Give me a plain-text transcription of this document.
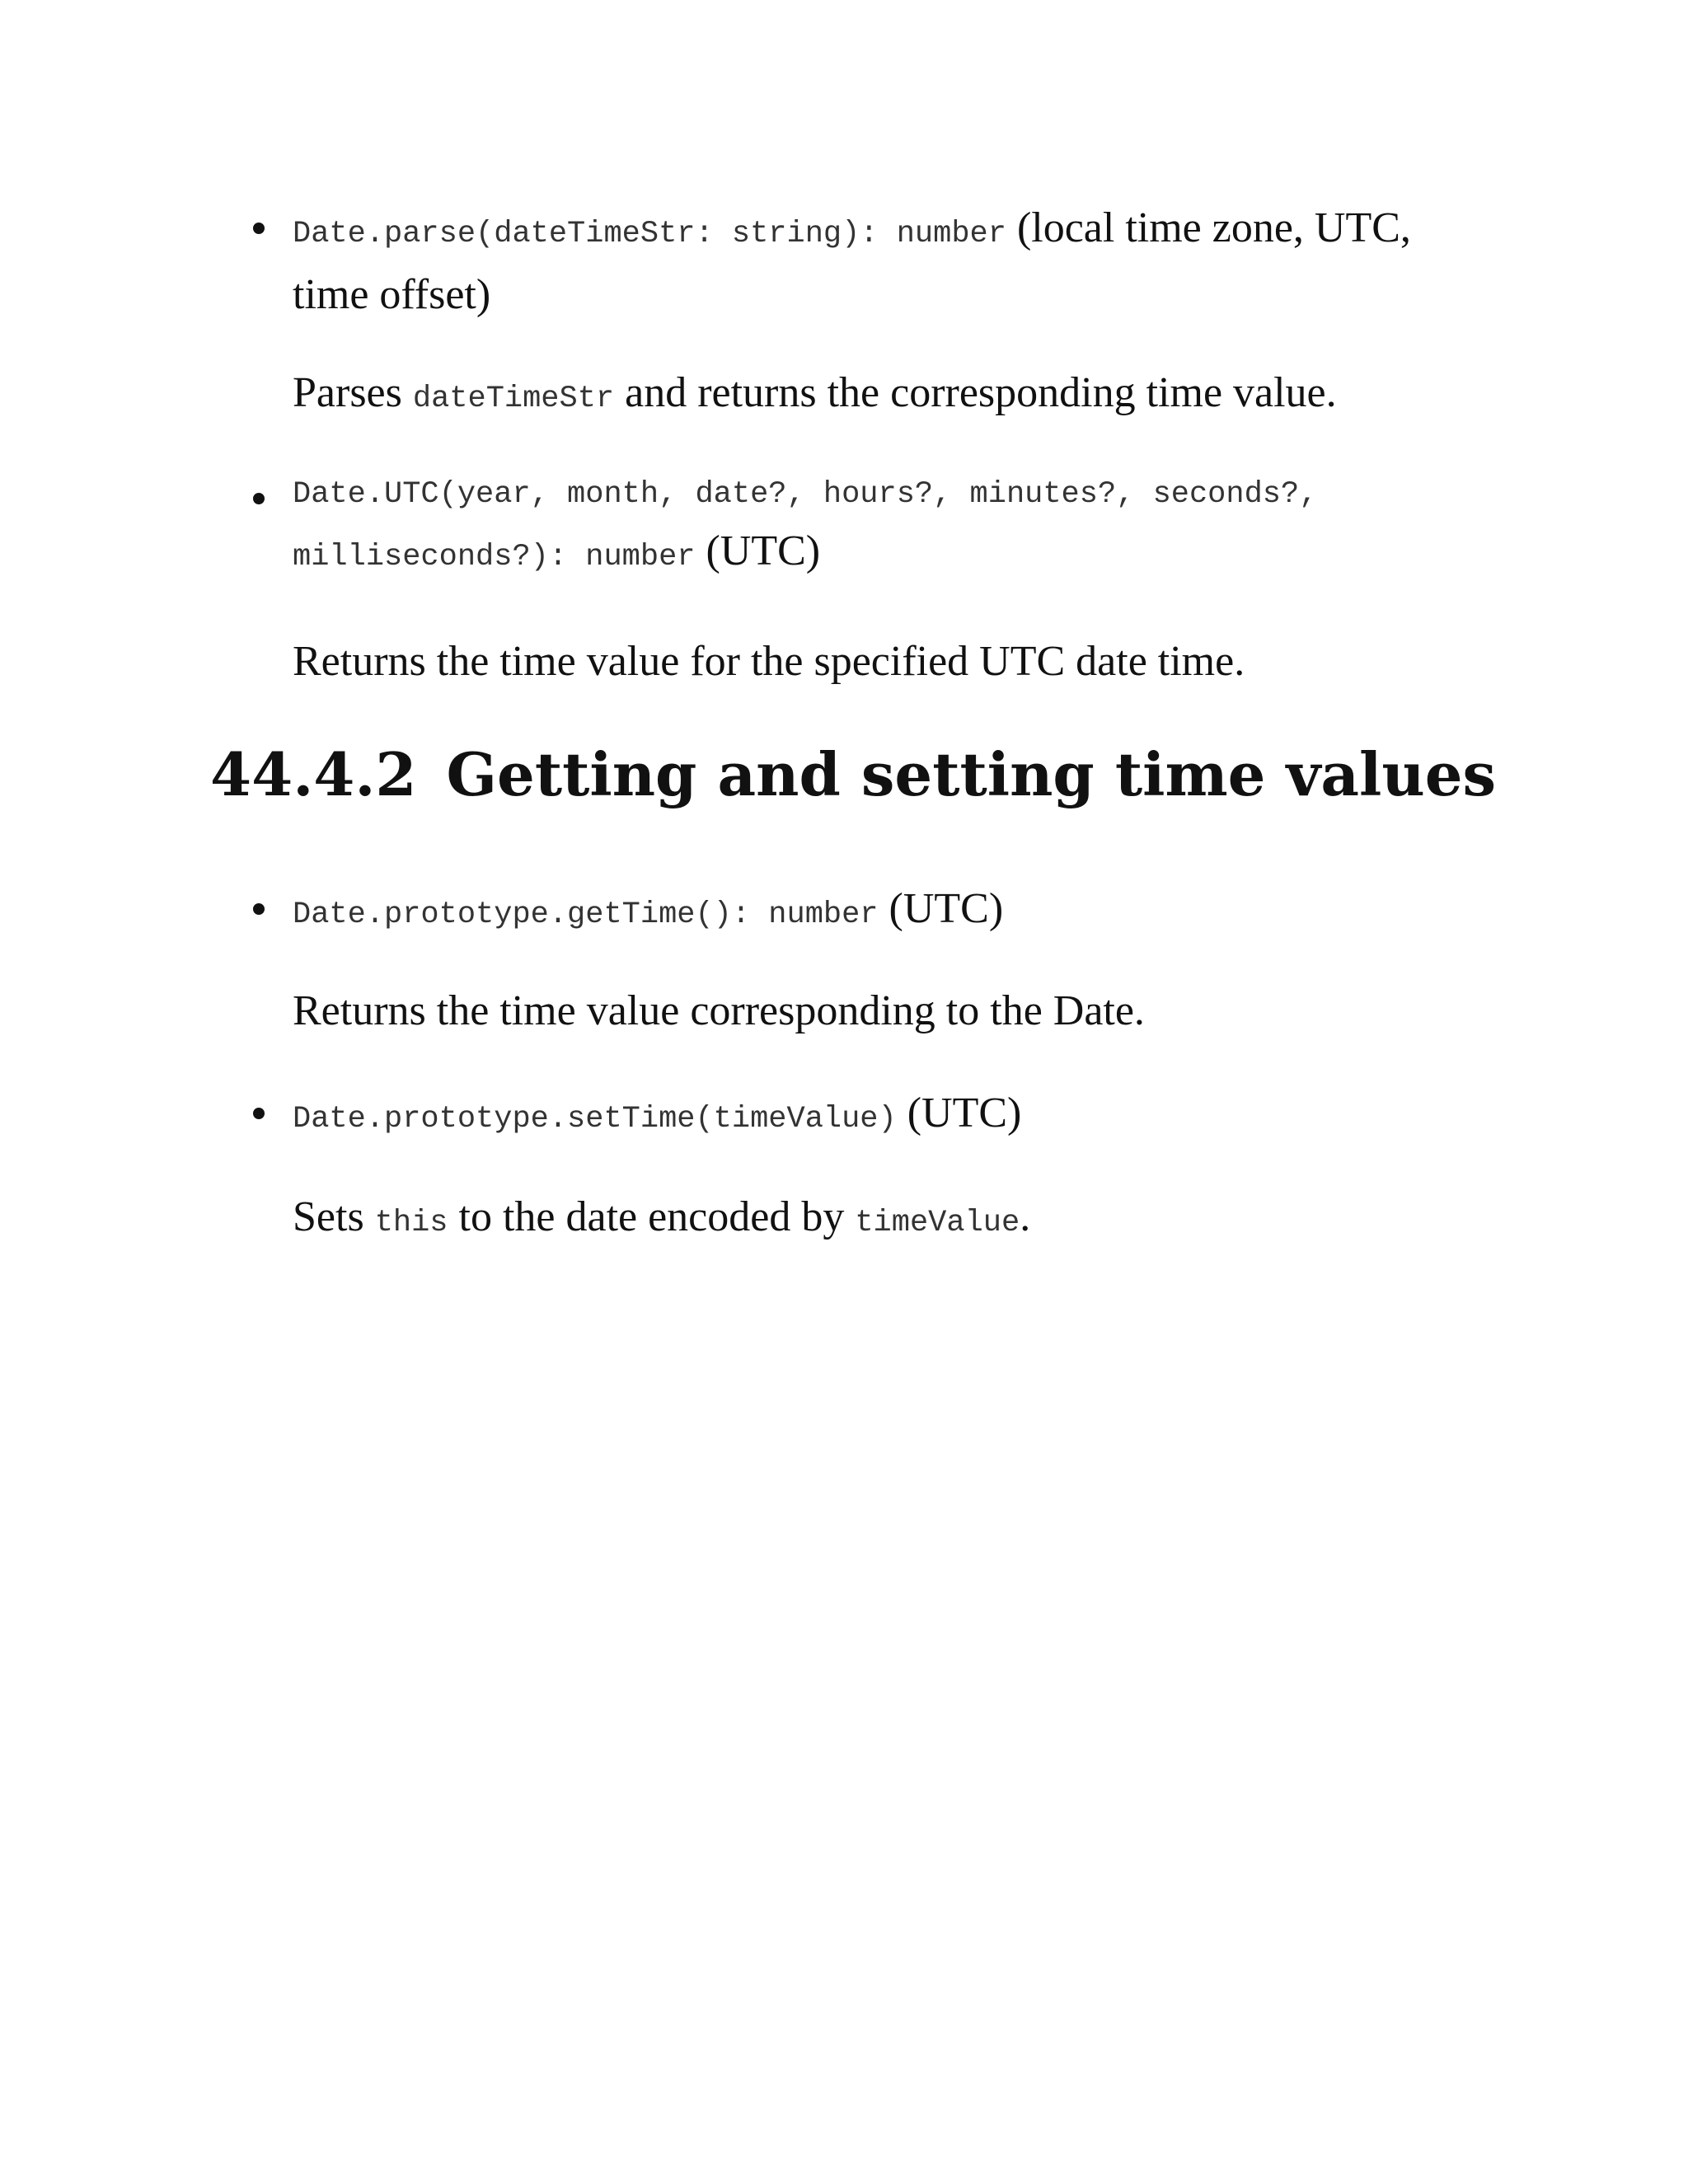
Date.parse(dateTimeStr: string): number (local time zone, UTC, time offset)
Parses dateTimeStr and returns the corresponding time value.
Date.UTC(year, month, date?, hours?, minutes?, seconds?,
milliseconds?): number (UTC)
Returns the time value for the specified UTC date time.
44.4.2 Getting and setting time values
Date.prototype.getTime(): number (UTC)
Returns the time value corresponding to the Date.
Date.prototype.setTime(timeValue) (UTC)
Sets this to the date encoded by timeValue.
